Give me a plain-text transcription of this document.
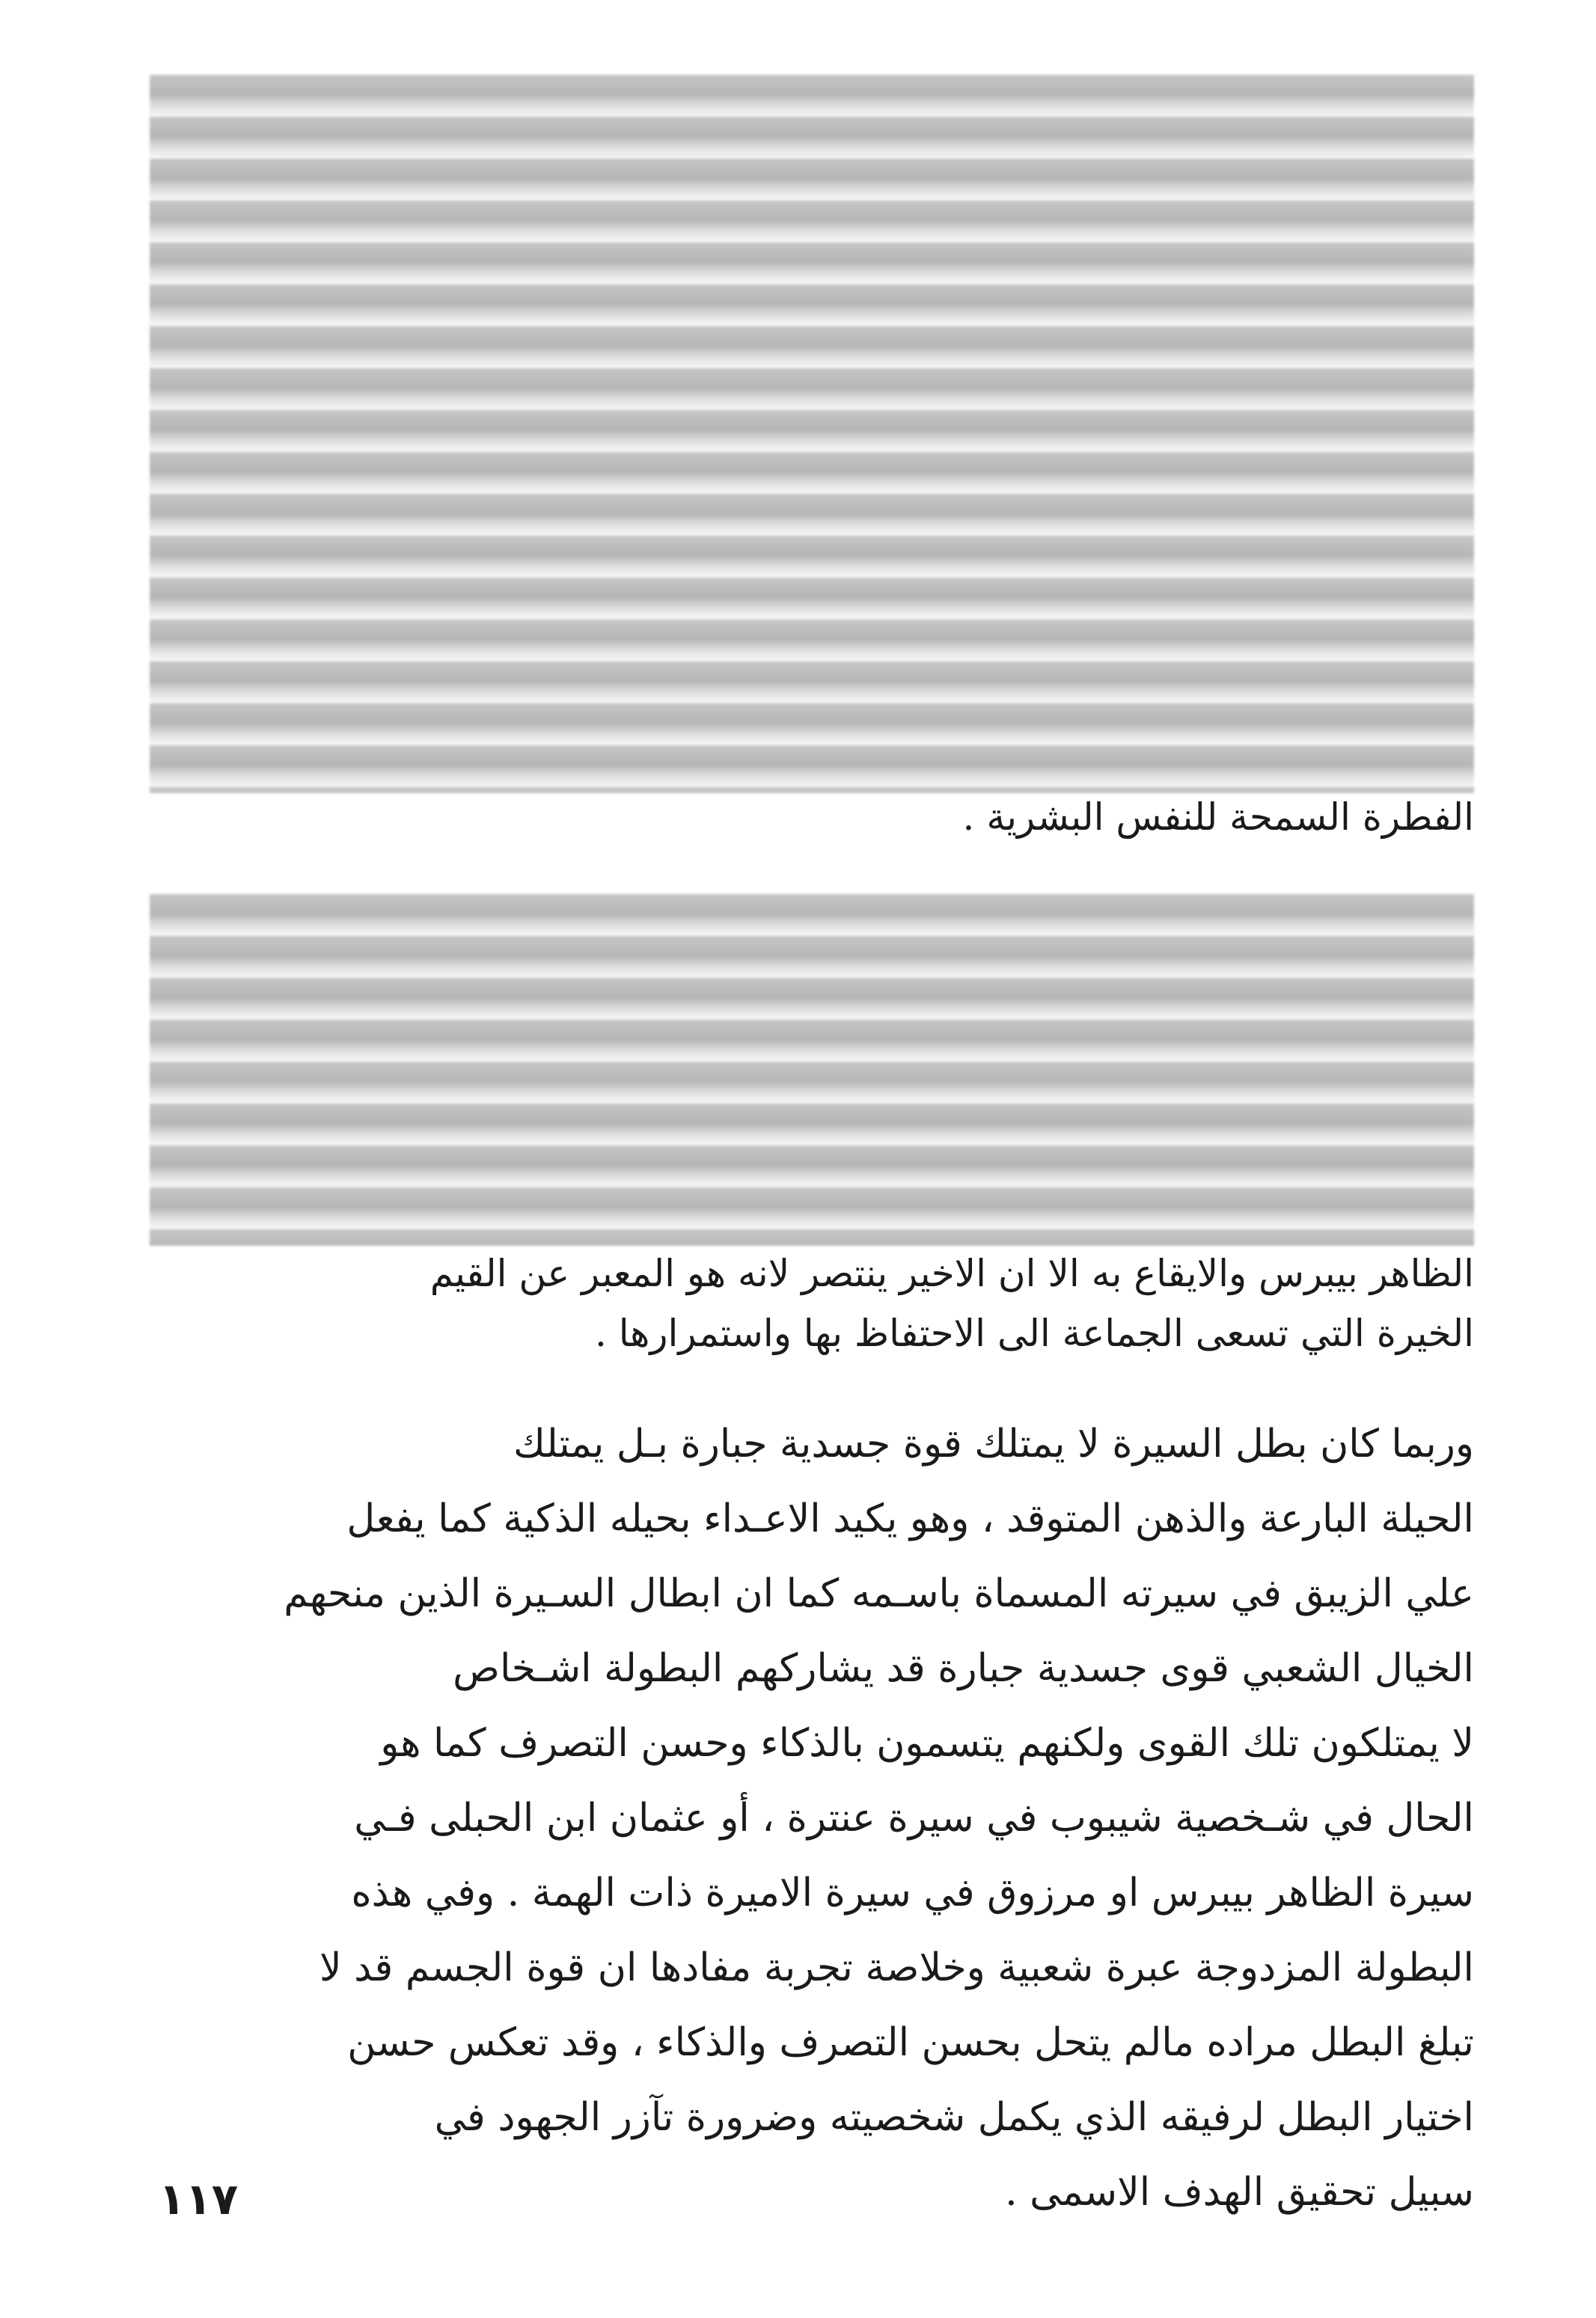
الفطرة السمحة للنفس البشرية .
الظاهر بيبرس والايقاع به الا ان الاخير ينتصر لانه هو المعبر عن القيم
الخيرة التي تسعى الجماعة الى الاحتفاظ بها واستمرارها .
وربما كان بطل السيرة لا يمتلك قوة جسدية جبارة بـل يمتلك
الحيلة البارعة والذهن المتوقد ، وهو يكيد الاعـداء بحيله الذكية كما يفعل
علي الزيبق في سيرته المسماة باسـمه كما ان ابطال السـيرة الذين منحهم
الخيال الشعبي قوى جسدية جبارة قد يشاركهم البطولة اشـخاص
لا يمتلكون تلك القوى ولكنهم يتسمون بالذكاء وحسن التصرف كما هو
الحال في شـخصية شيبوب في سيرة عنترة ، أو عثمان ابن الحبلى فـي
سيرة الظاهر بيبرس او مرزوق في سيرة الاميرة ذات الهمة . وفي هذه
البطولة المزدوجة عبرة شعبية وخلاصة تجربة مفادها ان قوة الجسم قد لا
تبلغ البطل مراده مالم يتحل بحسن التصرف والذكاء ، وقد تعكس حسن
اختيار البطل لرفيقه الذي يكمل شخصيته وضرورة تآزر الجهود في
سبيل تحقيق الهدف الاسمى .
١١٧
